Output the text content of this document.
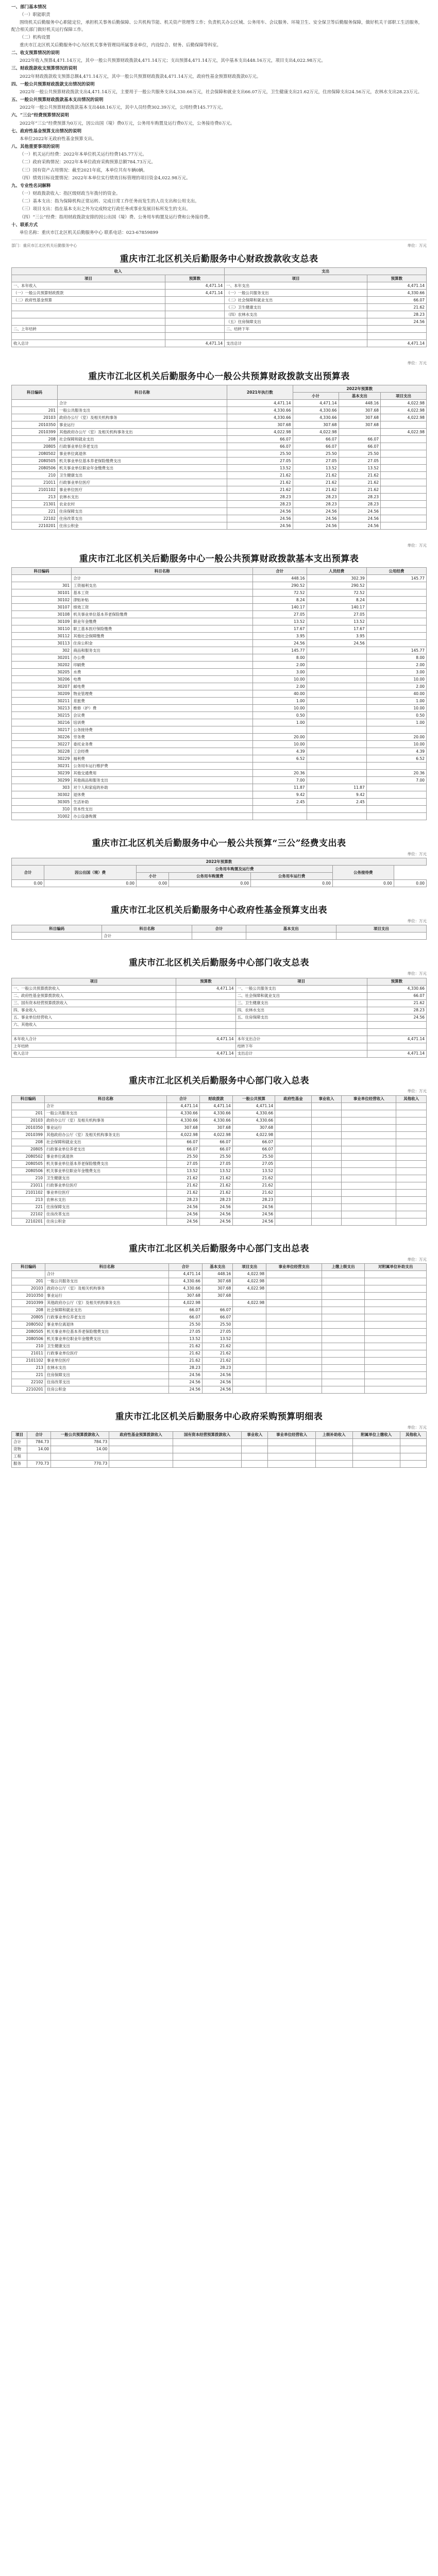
一、部门基本情况

（一）职能职责

围绕机关后勤服务中心职能定位，承担机关事务后勤保障、公共机构节能、机关资产管理等工作；负责机关办公区域、公务用车、会议服务、环境卫生、安全保卫等后勤服务保障，做好机关干部职工生活服务，配合相关部门做好机关运行保障工作。

（二）机构设置

重庆市江北区机关后勤服务中心为区机关事务管理局所属事业单位，内设综合、财务、后勤保障等科室。

二、收支预算情况的说明

2022年收入预算4,471.14万元，其中一般公共预算财政拨款4,471.14万元；支出预算4,471.14万元，其中基本支出448.16万元，项目支出4,022.98万元。

三、财政拨款收支预算情况的说明

2022年财政拨款收支预算总额4,471.14万元，其中一般公共预算财政拨款4,471.14万元，政府性基金预算财政拨款0万元。

四、一般公共预算财政拨款支出情况的说明

2022年一般公共预算财政拨款支出4,471.14万元，主要用于一般公共服务支出4,330.66万元，社会保障和就业支出66.07万元，卫生健康支出21.62万元，住房保障支出24.56万元，农林水支出28.23万元。

五、一般公共预算财政拨款基本支出情况的说明

2022年一般公共预算财政拨款基本支出448.16万元，其中人员经费302.39万元，公用经费145.77万元。

六、“三公”经费预算情况说明

2022年“三公”经费预算为0万元，因公出国（境）费0万元，公务用车购置及运行费0万元，公务接待费0万元。

七、政府性基金预算支出情况的说明

本单位2022年无政府性基金预算支出。

八、其他重要事项的说明

（一）机关运行经费：2022年本单位机关运行经费145.77万元。

（二）政府采购情况：2022年本单位政府采购预算总额784.73万元。

（三）国有资产占用情况：截至2021年底，本单位共有车辆0辆。

（四）绩效目标设置情况：2022年本单位实行绩效目标管理的项目资金4,022.98万元。

九、专业性名词解释

（一）财政拨款收入：指区级财政当年拨付的资金。

（二）基本支出：指为保障机构正常运转、完成日常工作任务而发生的人员支出和公用支出。

（三）项目支出：指在基本支出之外为完成特定行政任务或事业发展目标所发生的支出。

（四）“三公”经费：指用财政拨款安排的因公出国（境）费、公务用车购置及运行费和公务接待费。

十、联系方式

单位名称：重庆市江北区机关后勤服务中心 联系电话：023-67859899

部门：重庆市江北区机关后勤服务中心	单位：万元
重庆市江北区机关后勤服务中心财政拨款收支总表
收入		支出	
项目	预算数	项目	预算数
一、本年收入	4,471.14	一、本年支出	4,471.14
（一）一般公共预算财政拨款	4,471.14	（一）一般公共服务支出	4,330.66
（二）政府性基金预算		（二）社会保障和就业支出	66.07
		（三）卫生健康支出	21.62
		（四）农林水支出	28.23
		（五）住房保障支出	24.56
二、上年结转		二、结转下年	

收入总计	4,471.14	支出总计	4,471.14
单位：万元
重庆市江北区机关后勤服务中心一般公共预算财政拨款支出预算表
科目编码	科目名称	2021年执行数	2022年预算数		
			小计	基本支出	项目支出
	合计	4,471.14	4,471.14	448.16	4,022.98
201	一般公共服务支出	4,330.66	4,330.66	307.68	4,022.98
20103	政府办公厅（室）及相关机构事务	4,330.66	4,330.66	307.68	4,022.98
2010350	事业运行	307.68	307.68	307.68	
2010399	其他政府办公厅（室）及相关机构事务支出	4,022.98	4,022.98		4,022.98
208	社会保障和就业支出	66.07	66.07	66.07	
20805	行政事业单位养老支出	66.07	66.07	66.07	
2080502	事业单位离退休	25.50	25.50	25.50	
2080505	机关事业单位基本养老保险缴费支出	27.05	27.05	27.05	
2080506	机关事业单位职业年金缴费支出	13.52	13.52	13.52	
210	卫生健康支出	21.62	21.62	21.62	
21011	行政事业单位医疗	21.62	21.62	21.62	
2101102	事业单位医疗	21.62	21.62	21.62	
213	农林水支出	28.23	28.23	28.23	
21301	农业农村	28.23	28.23	28.23	
221	住房保障支出	24.56	24.56	24.56	
22102	住房改革支出	24.56	24.56	24.56	
2210201	住房公积金	24.56	24.56	24.56	
单位：万元
重庆市江北区机关后勤服务中心一般公共预算财政拨款基本支出预算表
科目编码	科目名称	合计	人员经费	公用经费
	合计	448.16	302.39	145.77
301	工资福利支出	290.52	290.52	
30101	基本工资	72.52	72.52	
30102	津贴补贴	8.24	8.24	
30107	绩效工资	140.17	140.17	
30108	机关事业单位基本养老保险缴费	27.05	27.05	
30109	职业年金缴费	13.52	13.52	
30110	职工基本医疗保险缴费	17.67	17.67	
30112	其他社会保障缴费	3.95	3.95	
30113	住房公积金	24.56	24.56	
302	商品和服务支出	145.77		145.77
30201	办公费	8.00		8.00
30202	印刷费	2.00		2.00
30205	水费	3.00		3.00
30206	电费	10.00		10.00
30207	邮电费	2.00		2.00
30209	物业管理费	40.00		40.00
30211	差旅费	1.00		1.00
30213	维修（护）费	10.00		10.00
30215	会议费	0.50		0.50
30216	培训费	1.00		1.00
30217	公务接待费			
30226	劳务费	20.00		20.00
30227	委托业务费	10.00		10.00
30228	工会经费	4.39		4.39
30229	福利费	6.52		6.52
30231	公务用车运行维护费			
30239	其他交通费用	20.36		20.36
30299	其他商品和服务支出	7.00		7.00
303	对个人和家庭的补助	11.87	11.87	
30302	退休费	9.42	9.42	
30305	生活补助	2.45	2.45	
310	资本性支出			
31002	办公设备购置			
重庆市江北区机关后勤服务中心一般公共预算“三公”经费支出表
单位：万元
2022年预算数						
合计	因公出国（境）费	公务用车购置及运行费			公务接待费	
		小计	公务用车购置费	公务用车运行费		
0.00	0.00	0.00	0.00	0.00	0.00	0.00
重庆市江北区机关后勤服务中心政府性基金预算支出表
单位：万元
科目编码	科目名称	合计	基本支出	项目支出
	合计			
重庆市江北区机关后勤服务中心部门收支总表
单位：万元
项目	预算数	项目	预算数
一、一般公共预算拨款收入	4,471.14	一、一般公共服务支出	4,330.66
二、政府性基金预算拨款收入		二、社会保障和就业支出	66.07
三、国有资本经营预算拨款收入		三、卫生健康支出	21.62
四、事业收入		四、农林水支出	28.23
五、事业单位经营收入		五、住房保障支出	24.56
六、其他收入			

本年收入合计	4,471.14	本年支出合计	4,471.14
上年结转		结转下年	
收入总计	4,471.14	支出总计	4,471.14
重庆市江北区机关后勤服务中心部门收入总表
单位：万元
科目编码	科目名称	合计	财政拨款	一般公共预算	政府性基金	事业收入	事业单位经营收入	其他收入
	合计	4,471.14	4,471.14	4,471.14				
201	一般公共服务支出	4,330.66	4,330.66	4,330.66				
20103	政府办公厅（室）及相关机构事务	4,330.66	4,330.66	4,330.66				
2010350	事业运行	307.68	307.68	307.68				
2010399	其他政府办公厅（室）及相关机构事务支出	4,022.98	4,022.98	4,022.98				
208	社会保障和就业支出	66.07	66.07	66.07				
20805	行政事业单位养老支出	66.07	66.07	66.07				
2080502	事业单位离退休	25.50	25.50	25.50				
2080505	机关事业单位基本养老保险缴费支出	27.05	27.05	27.05				
2080506	机关事业单位职业年金缴费支出	13.52	13.52	13.52				
210	卫生健康支出	21.62	21.62	21.62				
21011	行政事业单位医疗	21.62	21.62	21.62				
2101102	事业单位医疗	21.62	21.62	21.62				
213	农林水支出	28.23	28.23	28.23				
221	住房保障支出	24.56	24.56	24.56				
22102	住房改革支出	24.56	24.56	24.56				
2210201	住房公积金	24.56	24.56	24.56				
重庆市江北区机关后勤服务中心部门支出总表
单位：万元
科目编码	科目名称	合计	基本支出	项目支出	事业单位经营支出	上缴上级支出	对附属单位补助支出
	合计	4,471.14	448.16	4,022.98			
201	一般公共服务支出	4,330.66	307.68	4,022.98			
20103	政府办公厅（室）及相关机构事务	4,330.66	307.68	4,022.98			
2010350	事业运行	307.68	307.68				
2010399	其他政府办公厅（室）及相关机构事务支出	4,022.98		4,022.98			
208	社会保障和就业支出	66.07	66.07				
20805	行政事业单位养老支出	66.07	66.07				
2080502	事业单位离退休	25.50	25.50				
2080505	机关事业单位基本养老保险缴费支出	27.05	27.05				
2080506	机关事业单位职业年金缴费支出	13.52	13.52				
210	卫生健康支出	21.62	21.62				
21011	行政事业单位医疗	21.62	21.62				
2101102	事业单位医疗	21.62	21.62				
213	农林水支出	28.23	28.23				
221	住房保障支出	24.56	24.56				
22102	住房改革支出	24.56	24.56				
2210201	住房公积金	24.56	24.56				
重庆市江北区机关后勤服务中心政府采购预算明细表
单位：万元
项目	合计	一般公共预算拨款收入	政府性基金预算拨款收入	国有资本经营预算拨款收入	事业收入	事业单位经营收入	上级补助收入	附属单位上缴收入	其他收入
合计	784.73	784.73							
货物	14.00	14.00							
工程									
服务	770.73	770.73							
